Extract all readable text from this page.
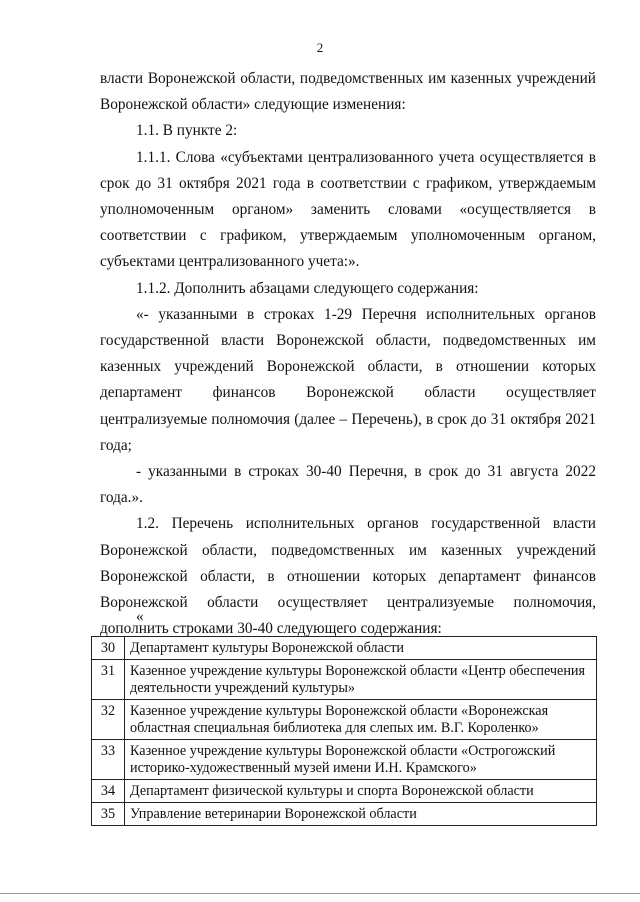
2

власти Воронежской области, подведомственных им казенных учреждений Воронежской области» следующие изменения:

1.1. В пункте 2:

1.1.1. Слова «субъектами централизованного учета осуществляется в срок до 31 октября 2021 года в соответствии с графиком, утверждаемым уполномоченным органом» заменить словами «осуществляется в соответствии с графиком, утверждаемым уполномоченным органом, субъектами централизованного учета:».

1.1.2. Дополнить абзацами следующего содержания:

«- указанными в строках 1-29 Перечня исполнительных органов государственной власти Воронежской области, подведомственных им казенных учреждений Воронежской области, в отношении которых департамент финансов Воронежской области осуществляет централизуемые полномочия (далее – Перечень), в срок до 31 октября 2021 года;

- указанными в строках 30-40 Перечня, в срок до 31 августа 2022 года.».

1.2. Перечень исполнительных органов государственной власти Воронежской области, подведомственных им казенных учреждений Воронежской области, в отношении которых департамент финансов Воронежской области осуществляет централизуемые полномочия, дополнить строками 30-40 следующего содержания:

«
30	Департамент культуры Воронежской области
31	Казенное учреждение культуры Воронежской области «Центр обеспечения деятельности учреждений культуры»
32	Казенное учреждение культуры Воронежской области «Воронежская областная специальная библиотека для слепых им. В.Г. Короленко»
33	Казенное учреждение культуры Воронежской области «Острогожский историко-художественный музей имени И.Н. Крамского»
34	Департамент физической культуры и спорта Воронежской области
35	Управление ветеринарии Воронежской области
